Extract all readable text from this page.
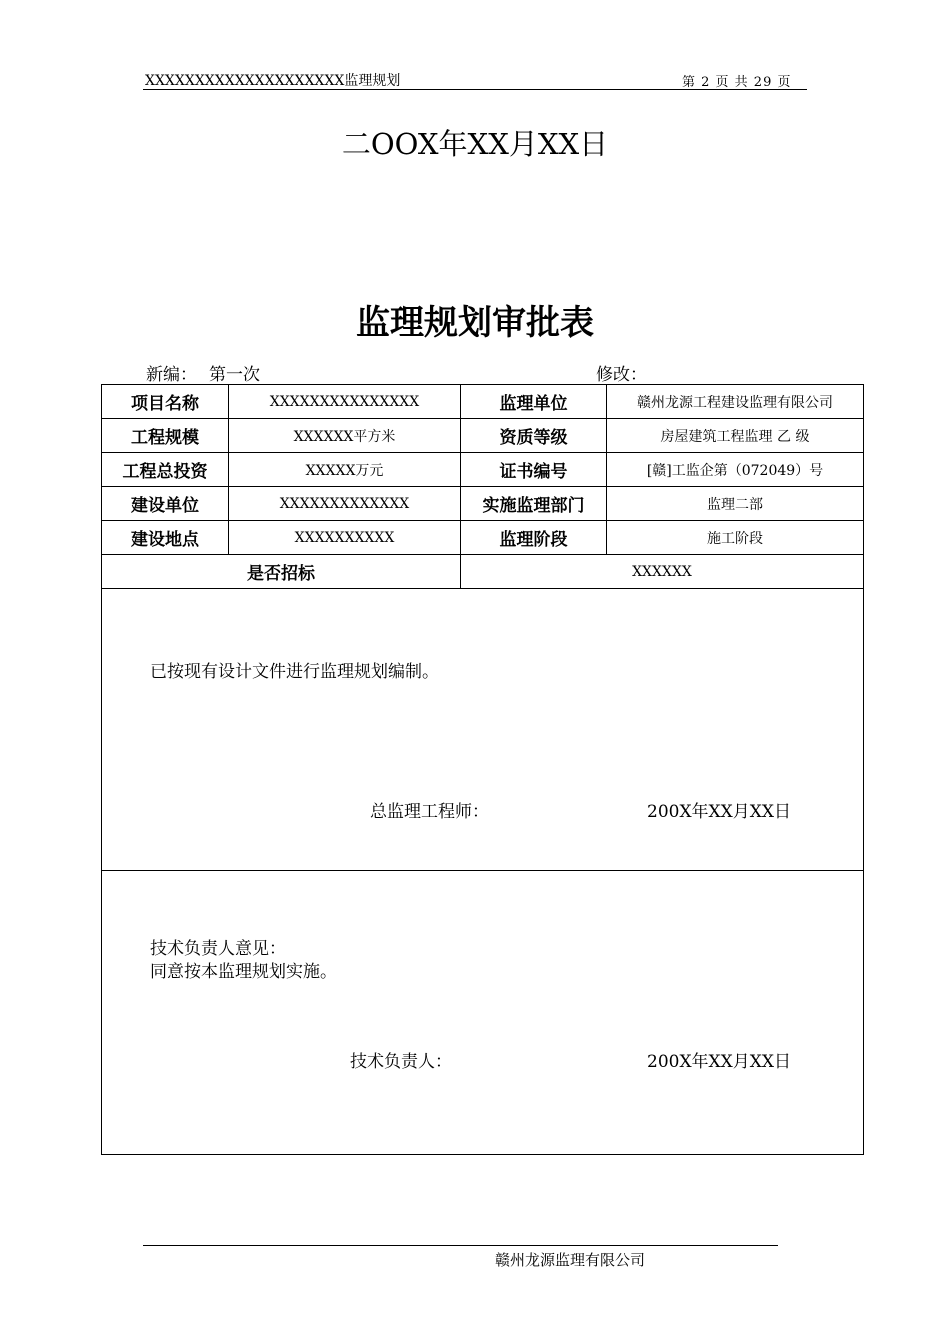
XXXXXXXXXXXXXXXXXXXX监理规划	第 2 页 共 29 页
二OOX年XX月XX日
监理规划审批表
新编： 第一次	修改：
项目名称	XXXXXXXXXXXXXXX	监理单位	赣州龙源工程建设监理有限公司
工程规模	XXXXXX平方米	资质等级	房屋建筑工程监理 乙 级
工程总投资	XXXXX万元	证书编号	[赣]工监企第（072049）号
建设单位	XXXXXXXXXXXXX	实施监理部门	监理二部
建设地点	XXXXXXXXXX	监理阶段	施工阶段
是否招标		XXXXXX	

已按现有设计文件进行监理规划编制。
总监理工程师： 200X年XX月XX日			

技术负责人意见：
同意按本监理规划实施。
技术负责人： 200X年XX月XX日			
赣州龙源监理有限公司
